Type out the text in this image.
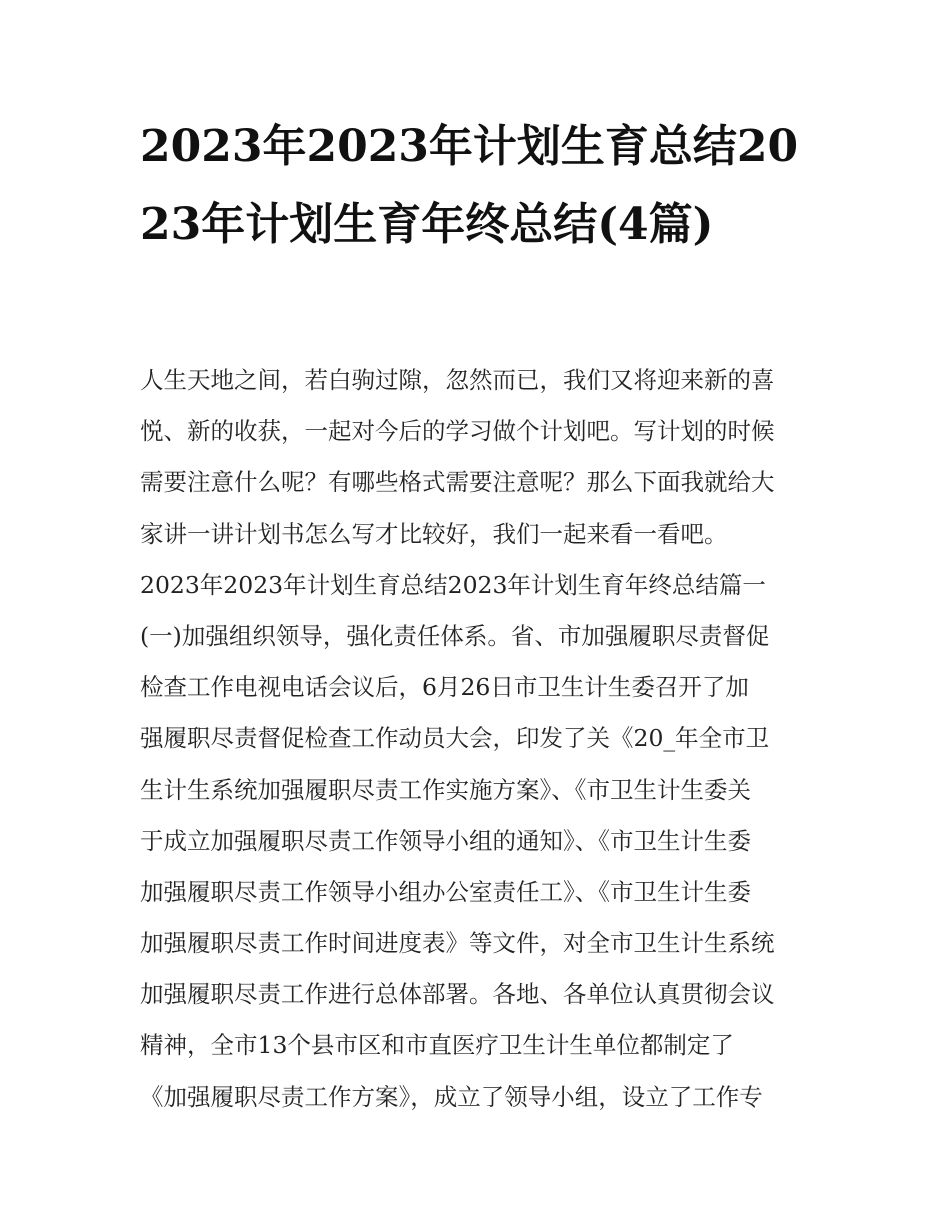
2023年2023年计划生育总结2023年计划生育年终总结(4篇)
人生天地之间，若白驹过隙，忽然而已，我们又将迎来新的喜
悦、新的收获，一起对今后的学习做个计划吧。写计划的时候
需要注意什么呢？有哪些格式需要注意呢？那么下面我就给大
家讲一讲计划书怎么写才比较好，我们一起来看一看吧。
2023年2023年计划生育总结2023年计划生育年终总结篇一
(一)加强组织领导，强化责任体系。省、市加强履职尽责督促
检查工作电视电话会议后，6月26日市卫生计生委召开了加
强履职尽责督促检查工作动员大会，印发了关《20_年全市卫
生计生系统加强履职尽责工作实施方案》、《市卫生计生委关
于成立加强履职尽责工作领导小组的通知》、《市卫生计生委
加强履职尽责工作领导小组办公室责任工》、《市卫生计生委
加强履职尽责工作时间进度表》等文件，对全市卫生计生系统
加强履职尽责工作进行总体部署。各地、各单位认真贯彻会议
精神，全市13个县市区和市直医疗卫生计生单位都制定了
《加强履职尽责工作方案》，成立了领导小组，设立了工作专
